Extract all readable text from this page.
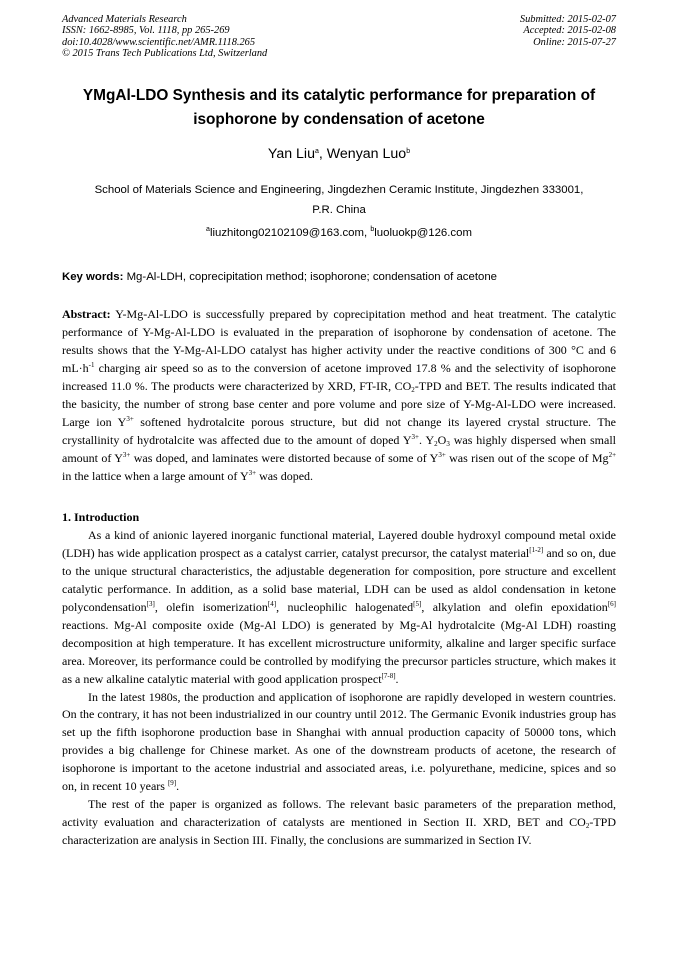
Advanced Materials Research
ISSN: 1662-8985, Vol. 1118, pp 265-269
doi:10.4028/www.scientific.net/AMR.1118.265
© 2015 Trans Tech Publications Ltd, Switzerland
Submitted: 2015-02-07
Accepted: 2015-02-08
Online: 2015-07-27
YMgAl-LDO Synthesis and its catalytic performance for preparation of
isophorone by condensation of acetone
Yan Liu$^a$, Wenyan Luo$^b$
School of Materials Science and Engineering, Jingdezhen Ceramic Institute, Jingdezhen 333001,
P.R. China
$^a$liuzhitong02102109@163.com, $^b$luoluokp@126.com
Key words: Mg-Al-LDH, coprecipitation method; isophorone; condensation of acetone

Abstract: Y-Mg-Al-LDO is successfully prepared by coprecipitation method and heat treatment. The catalytic performance of Y-Mg-Al-LDO is evaluated in the preparation of isophorone by condensation of acetone. The results shows that the Y-Mg-Al-LDO catalyst has higher activity under the reactive conditions of 300 °C and 6 $mL\cdot h^{-1}$ charging air speed so as to the conversion of acetone improved 17.8 % and the selectivity of isophorone increased 11.0 %. The products were characterized by XRD, FT-IR, $CO_2$-TPD and BET. The results indicated that the basicity, the number of strong base center and pore volume and pore size of Y-Mg-Al-LDO were increased. Large ion $Y^{3+}$ softened hydrotalcite porous structure, but did not change its layered crystal structure. The crystallinity of hydrotalcite was affected due to the amount of doped $Y^{3+}$. $Y_2O_3$ was highly dispersed when small amount of $Y^{3+}$ was doped, and laminates were distorted because of some of $Y^{3+}$ was risen out of the scope of $Mg^{2+}$ in the lattice when a large amount of $Y^{3+}$ was doped.

1. Introduction

As a kind of anionic layered inorganic functional material, Layered double hydroxyl compound metal oxide (LDH) has wide application prospect as a catalyst carrier, catalyst precursor, the catalyst material[1-2] and so on, due to the unique structural characteristics, the adjustable degeneration for composition, pore structure and excellent catalytic performance. In addition, as a solid base material, LDH can be used as aldol condensation in ketone polycondensation[3], olefin isomerization[4], nucleophilic halogenated[5], alkylation and olefin epoxidation[6] reactions. Mg-Al composite oxide (Mg-Al LDO) is generated by Mg-Al hydrotalcite (Mg-Al LDH) roasting decomposition at high temperature. It has excellent microstructure uniformity, alkaline and larger specific surface area. Moreover, its performance could be controlled by modifying the precursor particles structure, which makes it as a new alkaline catalytic material with good application prospect[7-8].

In the latest 1980s, the production and application of isophorone are rapidly developed in western countries. On the contrary, it has not been industrialized in our country until 2012. The Germanic Evonik industries group has set up the fifth isophorone production base in Shanghai with annual production capacity of 50000 tons, which provides a big challenge for Chinese market. As one of the downstream products of acetone, the research of isophorone is important to the acetone industrial and associated areas, i.e. polyurethane, medicine, spices and so on, in recent 10 years [9].

The rest of the paper is organized as follows. The relevant basic parameters of the preparation method, activity evaluation and characterization of catalysts are mentioned in Section II. XRD, BET and $CO_2$-TPD characterization are analysis in Section III. Finally, the conclusions are summarized in Section IV.
